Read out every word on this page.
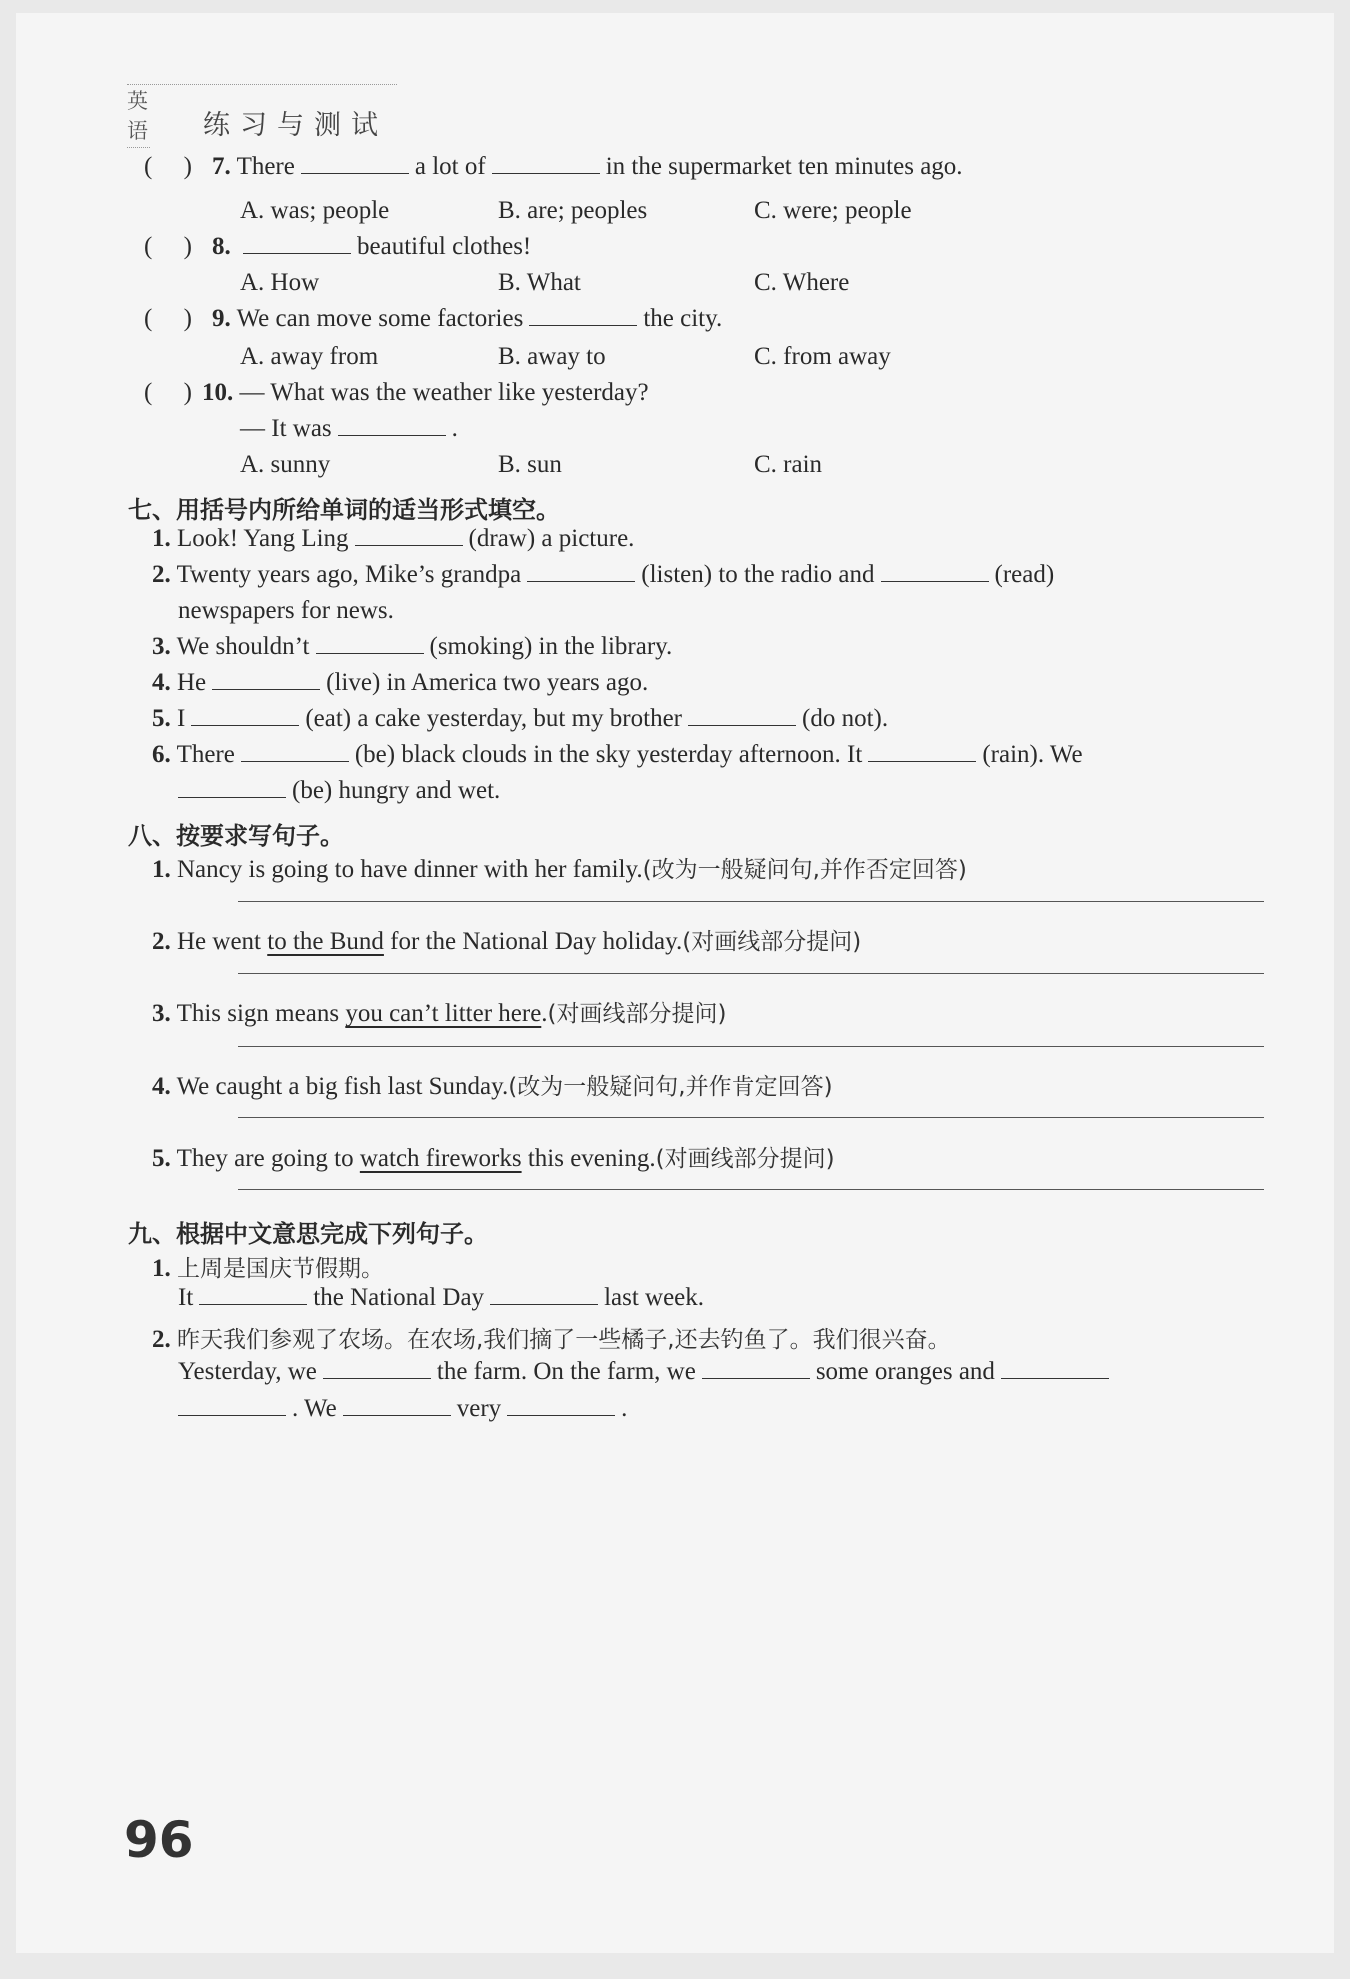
英语 练习与测试
(     ) 7. There	a lot of	in the supermarket ten minutes ago.
A. was; people	B. are; peoples	C. were; people
(     ) 8.	beautiful clothes!
A. How	B. What	C. Where
(     ) 9. We can move some factories	the city.
A. away from	B. away to	C. from away
(     ) 10. — What was the weather like yesterday?
— It was	.
A. sunny	B. sun	C. rain
七、用括号内所给单词的适当形式填空。
1. Look! Yang Ling	(draw) a picture.
2. Twenty years ago, Mike’s grandpa	(listen) to the radio and	(read)
newspapers for news.
3. We shouldn’t	(smoking) in the library.
4. He	(live) in America two years ago.
5. I	(eat) a cake yesterday, but my brother	(do not).
6. There	(be) black clouds in the sky yesterday afternoon. It	(rain). We
(be) hungry and wet.
八、按要求写句子。
1. Nancy is going to have dinner with her family.(改为一般疑问句,并作否定回答)
2. He went to the Bund for the National Day holiday.(对画线部分提问)
3. This sign means you can’t litter here.(对画线部分提问)
4. We caught a big fish last Sunday.(改为一般疑问句,并作肯定回答)
5. They are going to watch fireworks this evening.(对画线部分提问)
九、根据中文意思完成下列句子。
1. 上周是国庆节假期。
It	the National Day	last week.
2. 昨天我们参观了农场。在农场,我们摘了一些橘子,还去钓鱼了。我们很兴奋。
Yesterday, we	the farm. On the farm, we	some oranges and
. We	very	.
96
